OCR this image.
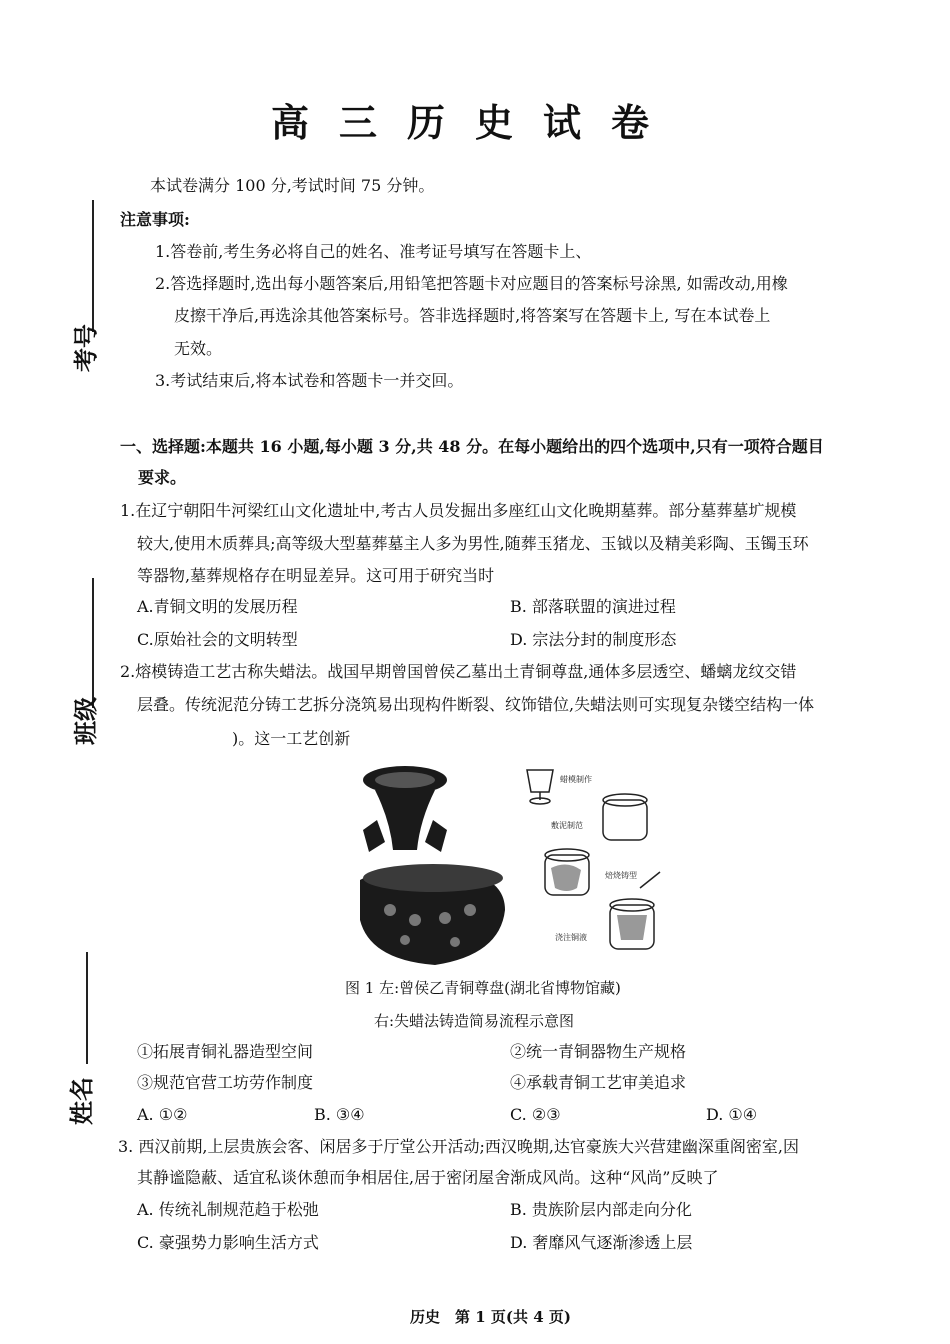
高三历史试卷
考号
班级
姓名
本试卷满分 100 分,考试时间 75 分钟。
注意事项:
1.答卷前,考生务必将自己的姓名、准考证号填写在答题卡上、
2.答选择题时,选出每小题答案后,用铅笔把答题卡对应题目的答案标号涂黑, 如需改动,用橡
皮擦干净后,再选涂其他答案标号。答非选择题时,将答案写在答题卡上, 写在本试卷上
无效。
3.考试结束后,将本试卷和答题卡一并交回。
一、选择题:本题共 16 小题,每小题 3 分,共 48 分。在每小题给出的四个选项中,只有一项符合题目
要求。
1.在辽宁朝阳牛河梁红山文化遗址中,考古人员发掘出多座红山文化晚期墓葬。部分墓葬墓圹规模
较大,使用木质葬具;高等级大型墓葬墓主人多为男性,随葬玉猪龙、玉钺以及精美彩陶、玉镯玉环
等器物,墓葬规格存在明显差异。这可用于研究当时
A.青铜文明的发展历程	B. 部落联盟的演进过程
C.原始社会的文明转型	D. 宗法分封的制度形态
2.熔模铸造工艺古称失蜡法。战国早期曾国曾侯乙墓出土青铜尊盘,通体多层透空、蟠螭龙纹交错
层叠。传统泥范分铸工艺拆分浇筑易出现构件断裂、纹饰错位,失蜡法则可实现复杂镂空结构一体
)。这一工艺创新
蜡模制作
敷泥制范
焙烧铸型
浇注铜液
图 1 左:曾侯乙青铜尊盘(湖北省博物馆藏)
右:失蜡法铸造简易流程示意图
①拓展青铜礼器造型空间	②统一青铜器物生产规格
③规范官营工坊劳作制度	④承载青铜工艺审美追求
A. ①②	B. ③④	C. ②③	D. ①④
3. 西汉前期,上层贵族会客、闲居多于厅堂公开活动;西汉晚期,达官豪族大兴营建幽深重阁密室,因
其静谧隐蔽、适宜私谈休憩而争相居住,居于密闭屋舍渐成风尚。这种“风尚”反映了
A. 传统礼制规范趋于松弛	B. 贵族阶层内部走向分化
C. 豪强势力影响生活方式	D. 奢靡风气逐渐渗透上层
历史　第 1 页(共 4 页)
